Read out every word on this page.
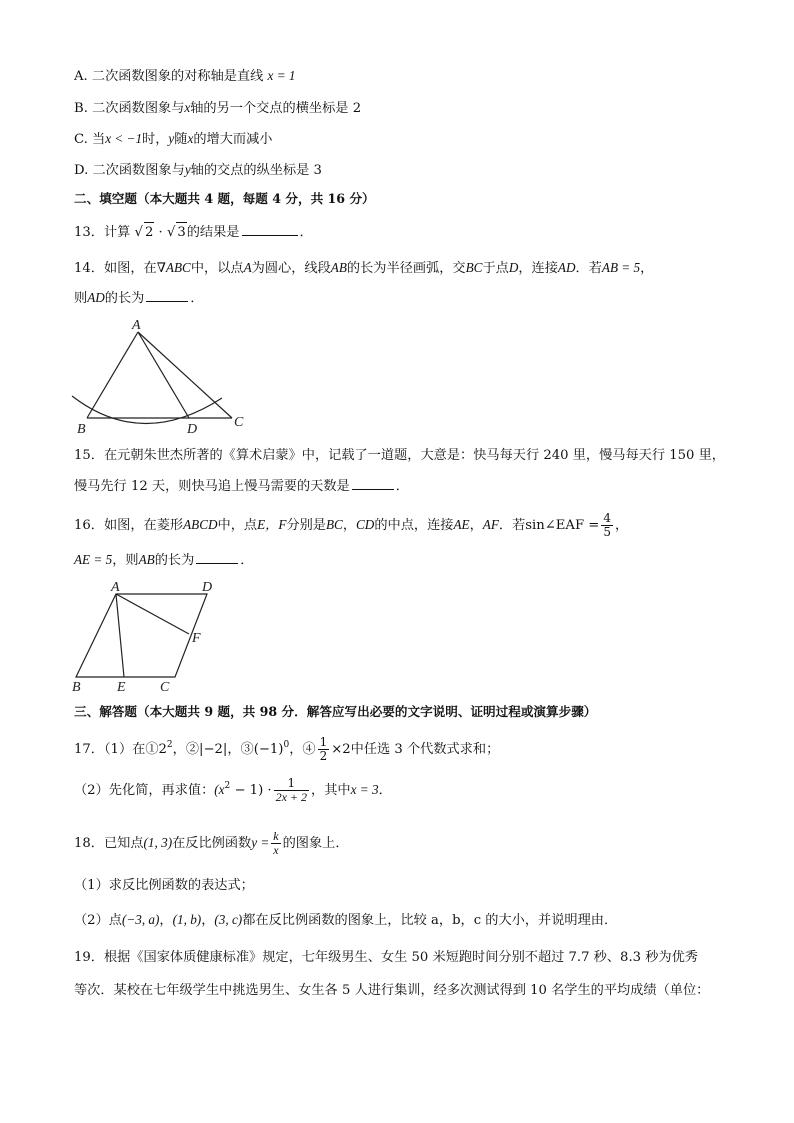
A. 二次函数图象的对称轴是直线 x = 1
B. 二次函数图象与x轴的另一个交点的横坐标是 2
C. 当x < −1时，y随x的增大而减小
D. 二次函数图象与y轴的交点的纵坐标是 3
二、填空题（本大题共 4 题，每题 4 分，共 16 分）
13．计算 √ 2 · √ 3的结果是	．
14．如图，在∇ABC中，以点A为圆心，线段AB的长为半径画弧，交BC于点D，连接AD．若AB = 5，
则AD的长为	．
A
B	D	C
15．在元朝朱世杰所著的《算术启蒙》中，记载了一道题，大意是：快马每天行 240 里，慢马每天行 150 里，
慢马先行 12 天，则快马追上慢马需要的天数是	．
16．如图，在菱形ABCD中，点E，F分别是BC，CD的中点，连接AE，AF．若sin∠EAF = $\frac{4}{5}$ ，
AE = 5，则AB的长为	．
A	D
F
B	E C
三、解答题（本大题共 9 题，共 98 分．解答应写出必要的文字说明、证明过程或演算步骤）
17．（1）在$①2^2$，②|−2|，$③(-1)^0$，④ $\frac{1}{2} \times 2$中任选 3 个代数式求和；
（2）先化简，再求值：$(x^2 - 1) \cdot \frac{1}{2x + 2}$ ，其中x = 3．
18．已知点(1, 3)在反比例函数$y = \frac{k}{x}$ 的图象上．
（1）求反比例函数的表达式；
（2）点(−3, a)，(1, b)，(3, c)都在反比例函数的图象上，比较 a，b，c 的大小，并说明理由．
19．根据《国家体质健康标准》规定，七年级男生、女生 50 米短跑时间分别不超过 7.7 秒、8.3 秒为优秀
等次．某校在七年级学生中挑选男生、女生各 5 人进行集训，经多次测试得到 10 名学生的平均成绩（单位：
